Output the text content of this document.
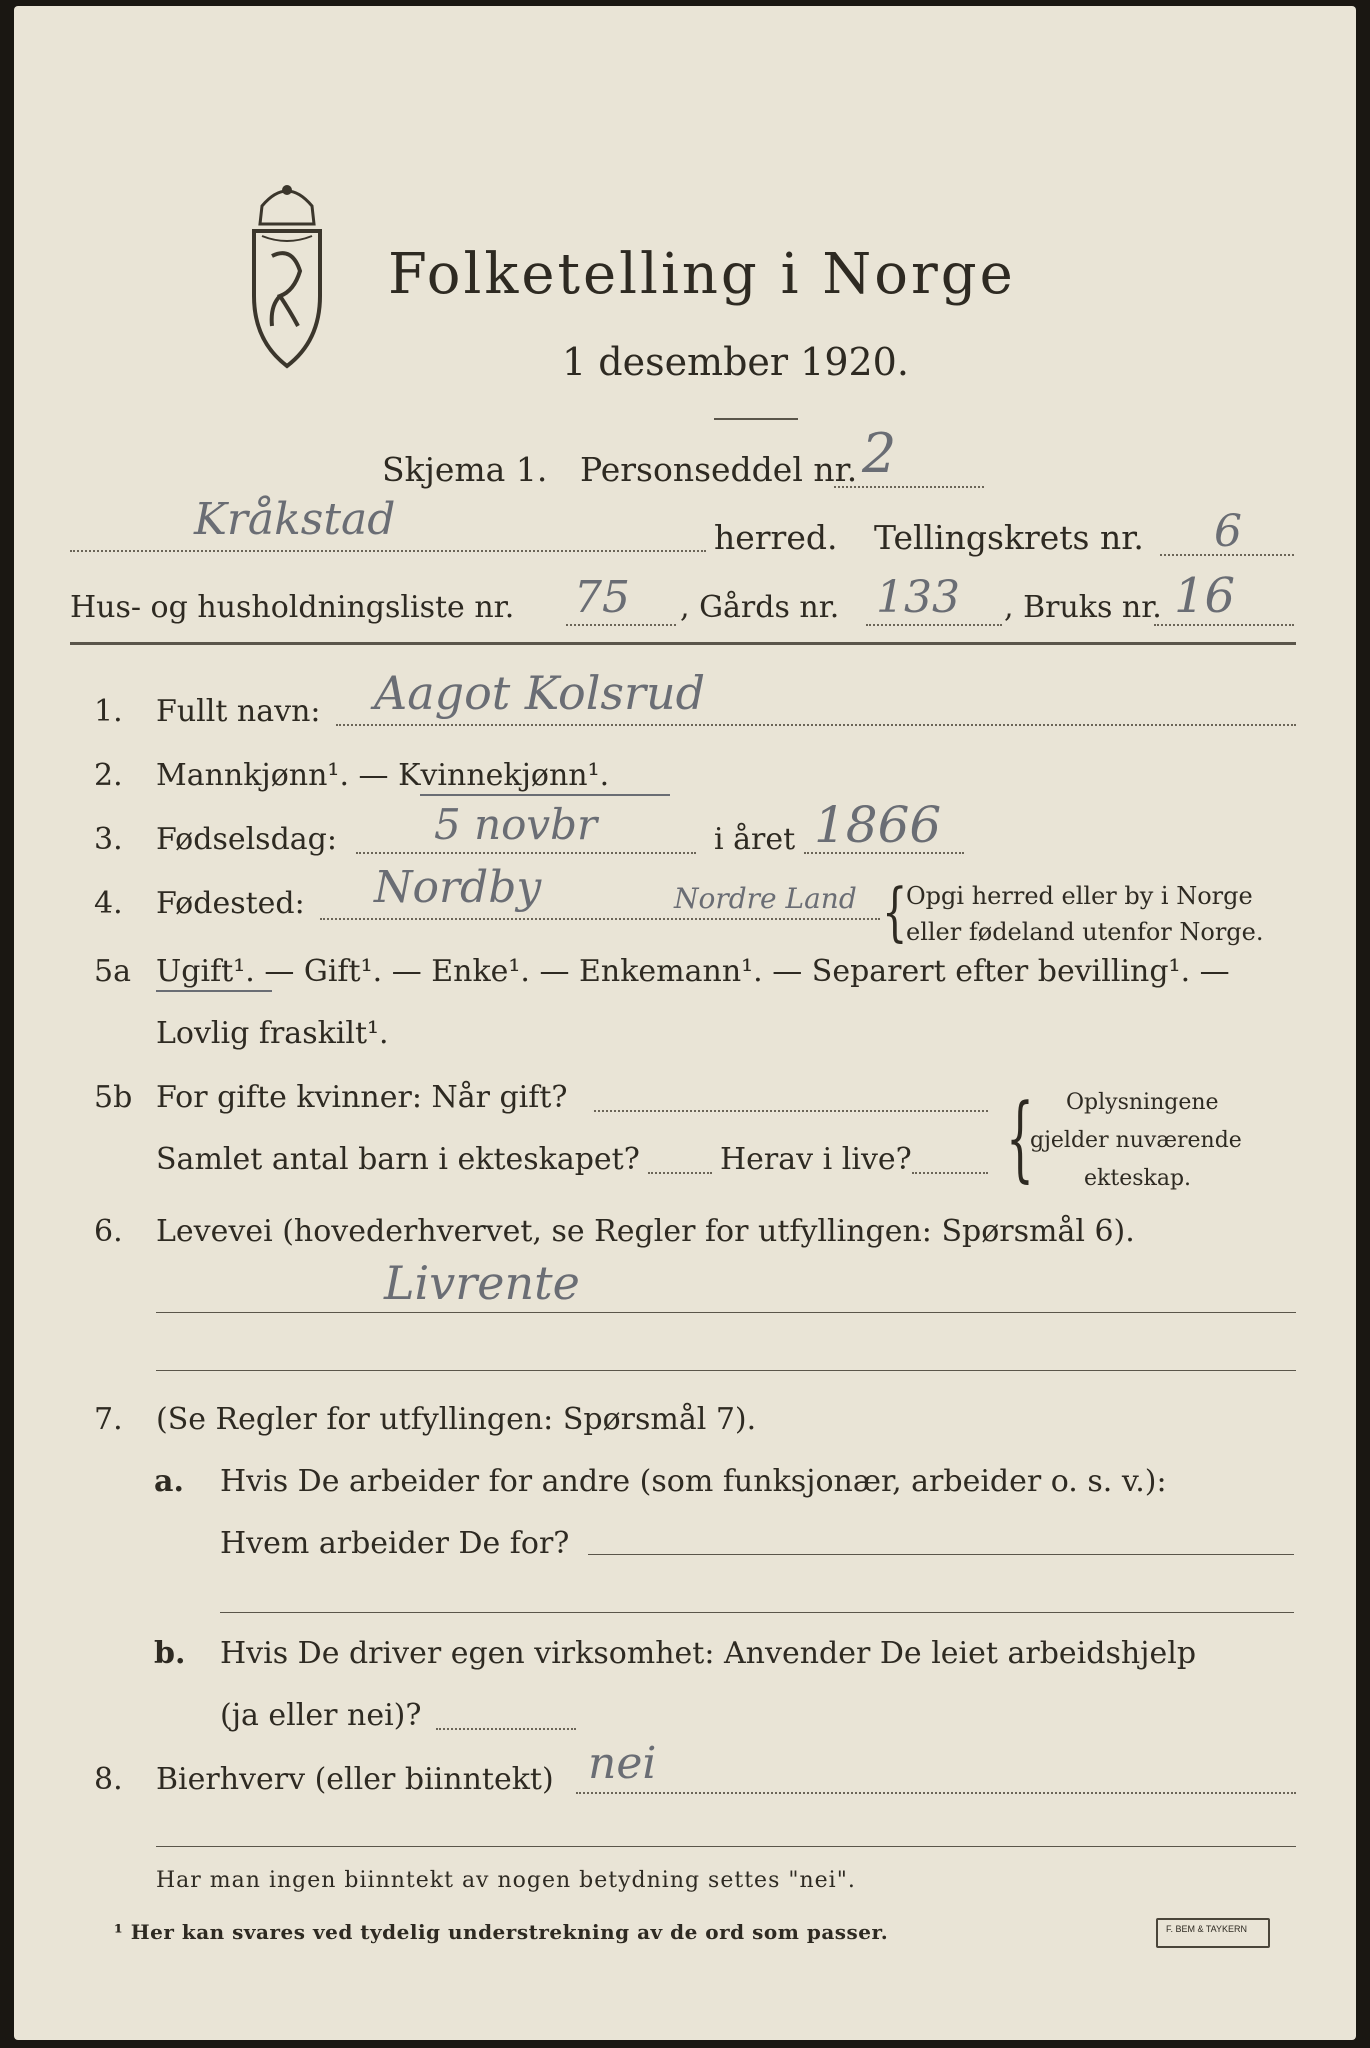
Folketelling i Norge
1 desember 1920.
Skjema 1. Personseddel nr. 2
Kråkstad	herred. Tellingskrets nr. 6
Hus- og husholdningsliste nr. 75 , Gårds nr. 133 , Bruks nr. 16
1. Fullt navn: Aagot Kolsrud
2. Mannkjønn¹. — Kvinnekjønn¹.
3. Fødselsdag: 5 novbr	i året 1866
4. Fødested: Nordby	Nordre Land {
Opgi herred eller by i Norge
eller fødeland utenfor Norge.
5a Ugift¹. — Gift¹. — Enke¹. — Enkemann¹. — Separert efter bevilling¹. —
Lovlig fraskilt¹.
5b For gifte kvinner: Når gift?
Samlet antal barn i ekteskapet?	Herav i live? { Oplysningene
gjelder nuværende
ekteskap.
6. Levevei (hovederhvervet, se Regler for utfyllingen: Spørsmål 6).
Livrente
7. (Se Regler for utfyllingen: Spørsmål 7).
a. Hvis De arbeider for andre (som funksjonær, arbeider o. s. v.):
Hvem arbeider De for?
b. Hvis De driver egen virksomhet: Anvender De leiet arbeidshjelp
(ja eller nei)?
8. Bierhverv (eller biinntekt) nei
Har man ingen biinntekt av nogen betydning settes "nei".
¹ Her kan svares ved tydelig understrekning av de ord som passer.	F. BEM & TAYKERN
